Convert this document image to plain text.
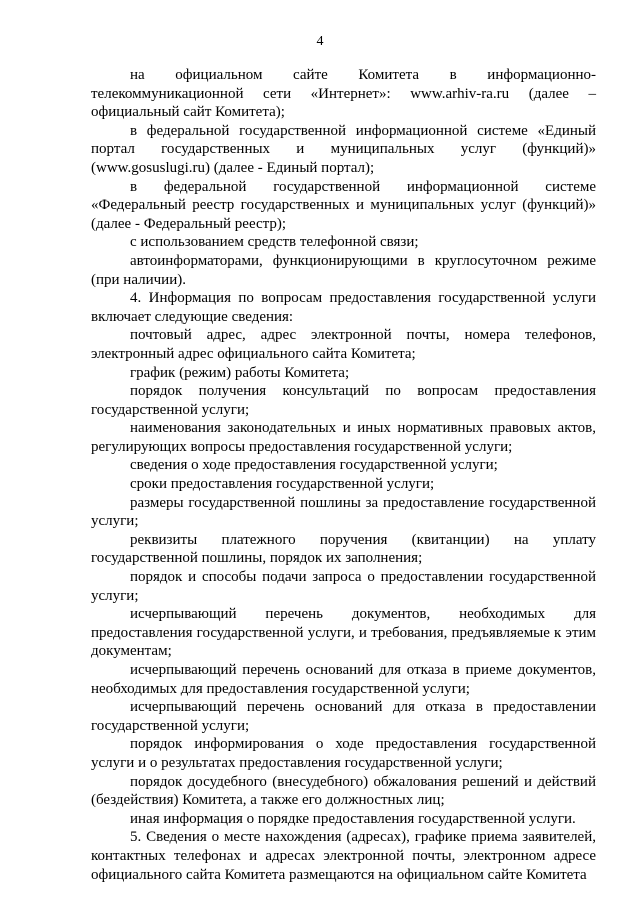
4

на официальном сайте Комитета в информационно-телекоммуникационной сети «Интернет»: www.arhiv-ra.ru (далее – официальный сайт Комитета);

в федеральной государственной информационной системе «Единый портал государственных и муниципальных услуг (функций)» (www.gosuslugi.ru) (далее - Единый портал);

в федеральной государственной информационной системе «Федеральный реестр государственных и муниципальных услуг (функций)» (далее - Федеральный реестр);

с использованием средств телефонной связи;

автоинформаторами, функционирующими в круглосуточном режиме (при наличии).

4. Информация по вопросам предоставления государственной услуги включает следующие сведения:

почтовый адрес, адрес электронной почты, номера телефонов, электронный адрес официального сайта Комитета;

график (режим) работы Комитета;

порядок получения консультаций по вопросам предоставления государственной услуги;

наименования законодательных и иных нормативных правовых актов, регулирующих вопросы предоставления государственной услуги;

сведения о ходе предоставления государственной услуги;

сроки предоставления государственной услуги;

размеры государственной пошлины за предоставление государственной услуги;

реквизиты платежного поручения (квитанции) на уплату государственной пошлины, порядок их заполнения;

порядок и способы подачи запроса о предоставлении государственной услуги;

исчерпывающий перечень документов, необходимых для предоставления государственной услуги, и требования, предъявляемые к этим документам;

исчерпывающий перечень оснований для отказа в приеме документов, необходимых для предоставления государственной услуги;

исчерпывающий перечень оснований для отказа в предоставлении государственной услуги;

порядок информирования о ходе предоставления государственной услуги и о результатах предоставления государственной услуги;

порядок досудебного (внесудебного) обжалования решений и действий (бездействия) Комитета, а также его должностных лиц;

иная информация о порядке предоставления государственной услуги.

5. Сведения о месте нахождения (адресах), графике приема заявителей, контактных телефонах и адресах электронной почты, электронном адресе официального сайта Комитета размещаются на официальном сайте Комитета
